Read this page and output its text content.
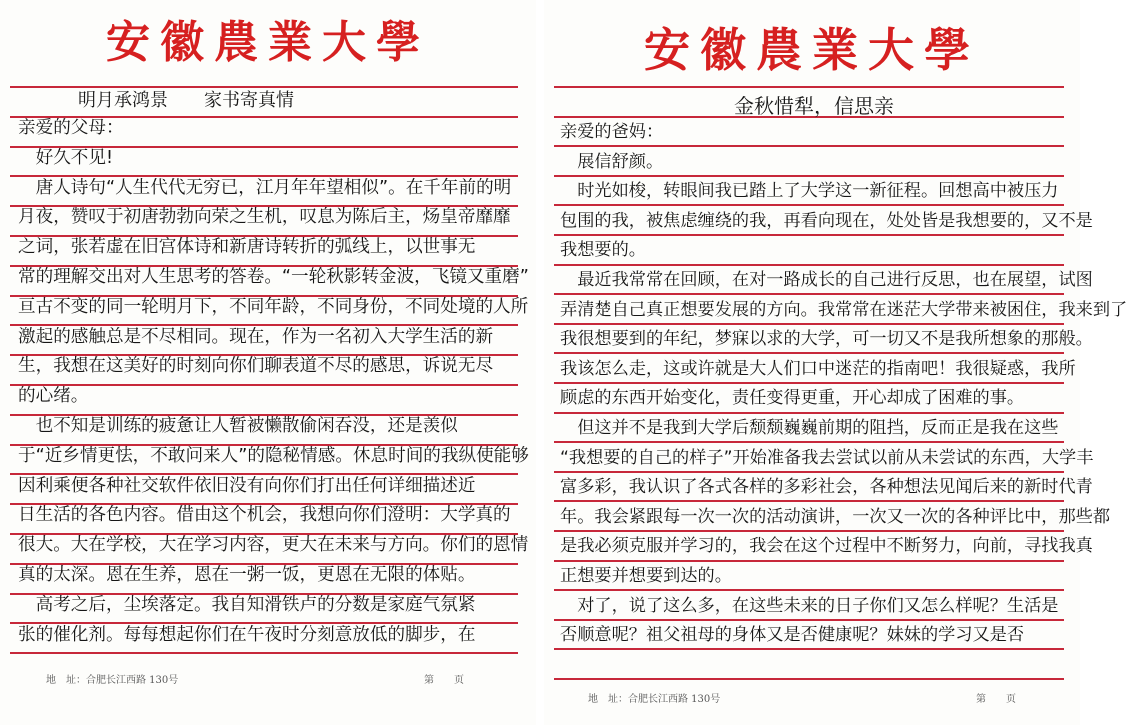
安徽農業大學
明月承鸿景　　家书寄真情
亲爱的父母：
　好久不见!
　唐人诗句“人生代代无穷已，江月年年望相似”。在千年前的明
月夜，赞叹于初唐勃勃向荣之生机，叹息为陈后主，炀皇帝靡靡
之词，张若虚在旧宫体诗和新唐诗转折的弧线上，以世事无
常的理解交出对人生思考的答卷。“一轮秋影转金波，飞镜又重磨”
亘古不变的同一轮明月下，不同年龄，不同身份，不同处境的人所
激起的感触总是不尽相同。现在，作为一名初入大学生活的新
生，我想在这美好的时刻向你们聊表道不尽的感思，诉说无尽
的心绪。
　也不知是训练的疲惫让人暂被懒散偷闲吞没，还是羡似
于“近乡情更怯，不敢问来人”的隐秘情感。休息时间的我纵使能够
因利乘便各种社交软件依旧没有向你们打出任何详细描述近
日生活的各色内容。借由这个机会，我想向你们澄明：大学真的
很大。大在学校，大在学习内容，更大在未来与方向。你们的恩情
真的太深。恩在生养，恩在一粥一饭，更恩在无限的体贴。
　高考之后，尘埃落定。我自知滑铁卢的分数是家庭气氛紧
张的催化剂。每每想起你们在午夜时分刻意放低的脚步，在
地　址：合肥长江西路 130号	第　　页
安徽農業大學
金秋惜犁，信思亲
亲爱的爸妈：
　展信舒颜。
　时光如梭，转眼间我已踏上了大学这一新征程。回想高中被压力
包围的我，被焦虑缠绕的我，再看向现在，处处皆是我想要的，又不是
我想要的。
　最近我常常在回顾，在对一路成长的自己进行反思，也在展望，试图
弄清楚自己真正想要发展的方向。我常常在迷茫大学带来被困住，我来到了
我很想要到的年纪，梦寐以求的大学，可一切又不是我所想象的那般。
我该怎么走，这或许就是大人们口中迷茫的指南吧！我很疑惑，我所
顾虑的东西开始变化，责任变得更重，开心却成了困难的事。
　但这并不是我到大学后颓颓巍巍前期的阻挡，反而正是我在这些
“我想要的自己的样子”开始准备我去尝试以前从未尝试的东西，大学丰
富多彩，我认识了各式各样的多彩社会，各种想法见闻后来的新时代青
年。我会紧跟每一次一次的活动演讲，一次又一次的各种评比中，那些都
是我必须克服并学习的，我会在这个过程中不断努力，向前，寻找我真
正想要并想要到达的。
　对了，说了这么多，在这些未来的日子你们又怎么样呢？生活是
否顺意呢？祖父祖母的身体又是否健康呢？妹妹的学习又是否
地　址：合肥长江西路 130号	第　　页
